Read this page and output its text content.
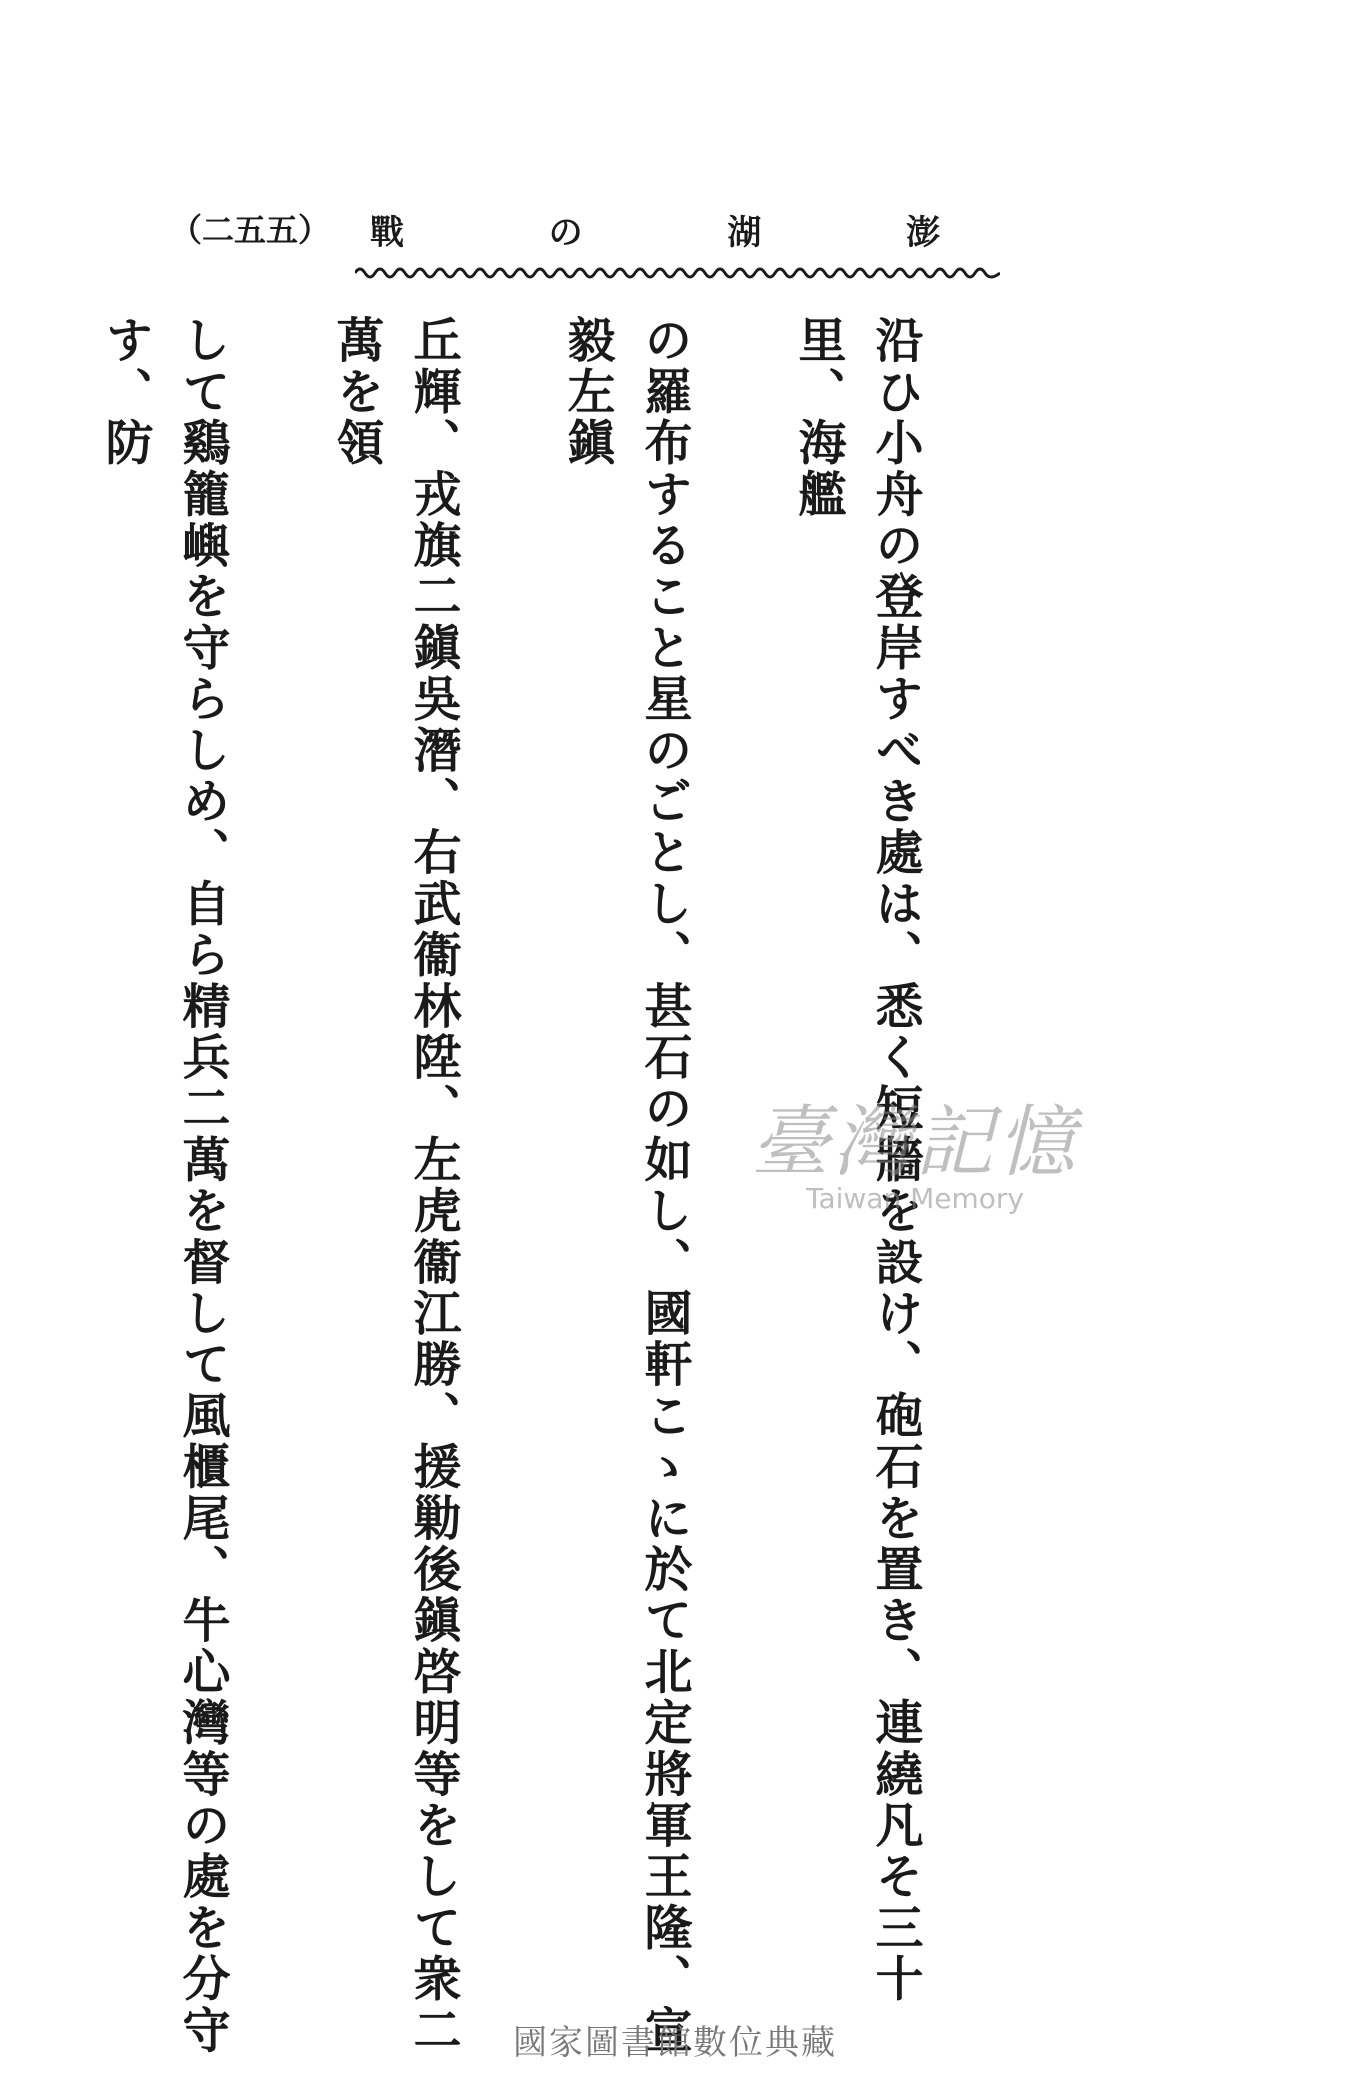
澎
湖
の
戰
（二五五）

沿ひ小舟の登岸すべき處は、悉く短牆を設け、砲石を置き、連繞凡そ三十里、海艦

の羅布すること星のごとし、甚石の如し、國軒こゝに於て北定將軍王隆、宣毅左鎭

丘輝、戎旗二鎭吳潛、右武衞林陞、左虎衞江勝、援勦後鎭啓明等をして衆二萬を領

して鷄籠嶼を守らしめ、自ら精兵二萬を督して風櫃尾、牛心灣等の處を分守す、防

臺灣記憶
Taiwan Memory
國家圖書館數位典藏
